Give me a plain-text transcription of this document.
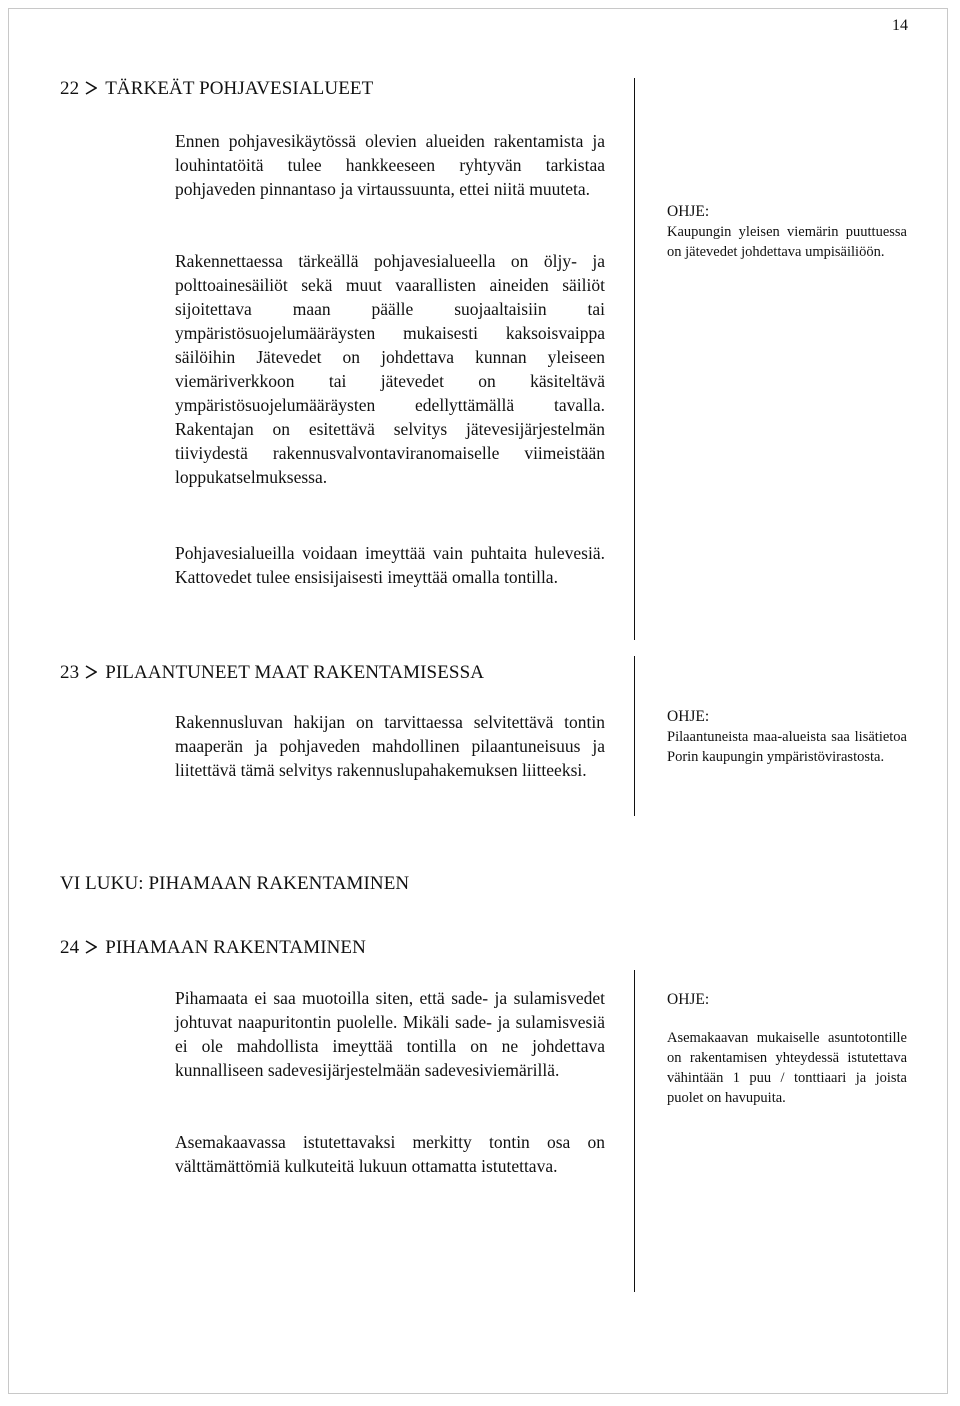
14
22 TÄRKEÄT POHJAVESIALUEET

Ennen pohjavesikäytössä olevien alueiden rakentamista ja louhintatöitä tulee hankkeeseen ryhtyvän tarkistaa pohjaveden pinnantaso ja virtaussuunta, ettei niitä muuteta.

Rakennettaessa tärkeällä pohjavesialueella on öljy- ja polttoainesäiliöt sekä muut vaarallisten aineiden säiliöt sijoitettava maan päälle suojaaltaisiin tai ympäristösuojelumääräysten mukaisesti kaksoisvaippa säilöihin Jätevedet on johdettava kunnan yleiseen viemäriverkkoon tai jätevedet on käsiteltävä ympäristösuojelumääräysten edellyttämällä tavalla. Rakentajan on esitettävä selvitys jätevesijärjestelmän tiiviydestä rakennusvalvontaviranomaiselle viimeistään loppukatselmuksessa.

Pohjavesialueilla voidaan imeyttää vain puhtaita hulevesiä. Kattovedet tulee ensisijaisesti imeyttää omalla tontilla.

OHJE:
Kaupungin yleisen viemärin puuttuessa on jätevedet johdettava umpisäiliöön.
23 PILAANTUNEET MAAT RAKENTAMISESSA

Rakennusluvan hakijan on tarvittaessa selvitettävä tontin maaperän ja pohjaveden mahdollinen pilaantuneisuus ja liitettävä tämä selvitys rakennuslupahakemuksen liitteeksi.

OHJE:
Pilaantuneista maa-alueista saa lisätietoa Porin kaupungin ympäristövirastosta.
VI LUKU: PIHAMAAN RAKENTAMINEN
24 PIHAMAAN RAKENTAMINEN

Pihamaata ei saa muotoilla siten, että sade- ja sulamisvedet johtuvat naapuritontin puolelle. Mikäli sade- ja sulamisvesiä ei ole mahdollista imeyttää tontilla on ne johdettava kunnalliseen sadevesijärjestelmään sadevesiviemärillä.

Asemakaavassa istutettavaksi merkitty tontin osa on välttämättömiä kulkuteitä lukuun ottamatta istutettava.

OHJE:
Asemakaavan mukaiselle asuntotontille on rakentamisen yhteydessä istutettava vähintään 1 puu / tonttiaari ja joista puolet on havupuita.
